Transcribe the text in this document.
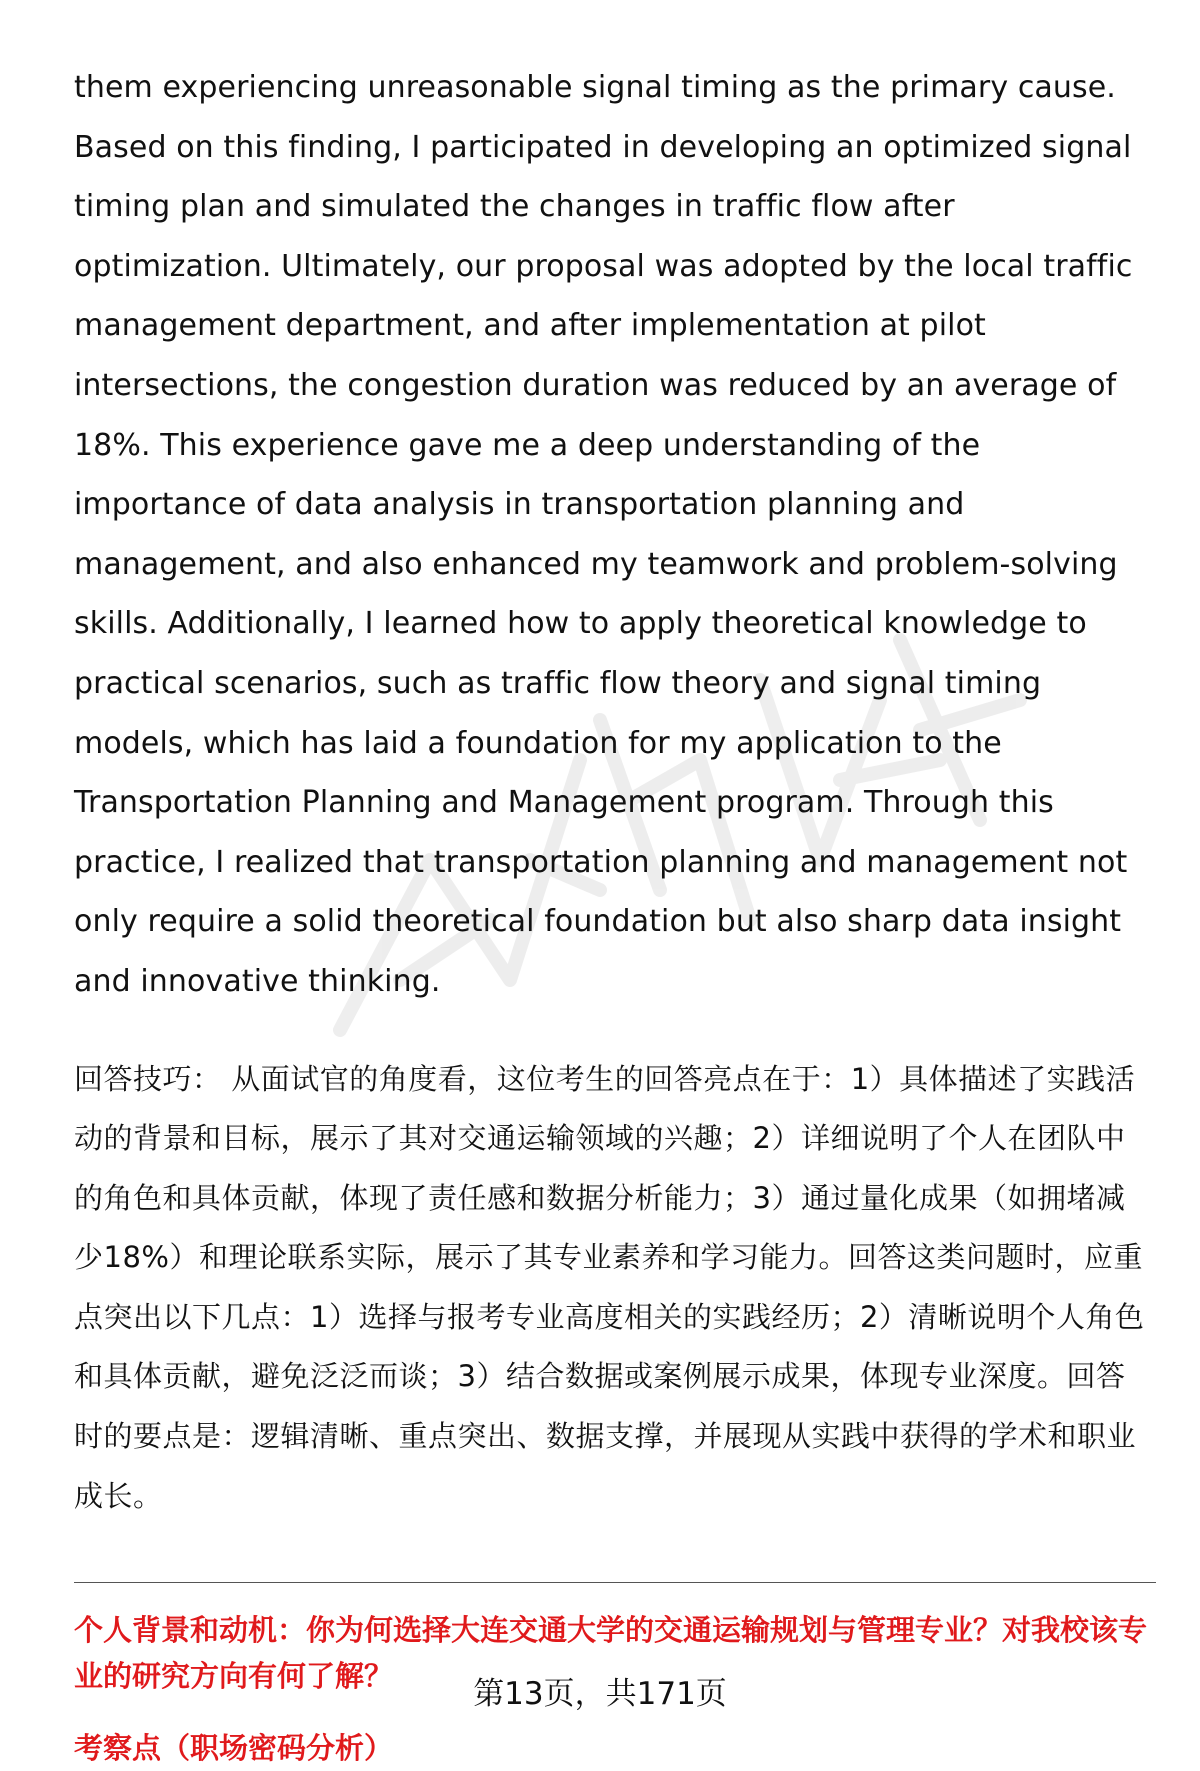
them experiencing unreasonable signal timing as the primary cause. Based on this finding, I participated in developing an optimized signal timing plan and simulated the changes in traffic flow after optimization. Ultimately, our proposal was adopted by the local traffic management department, and after implementation at pilot intersections, the congestion duration was reduced by an average of 18%. This experience gave me a deep understanding of the importance of data analysis in transportation planning and management, and also enhanced my teamwork and problem-solving skills. Additionally, I learned how to apply theoretical knowledge to practical scenarios, such as traffic flow theory and signal timing models, which has laid a foundation for my application to the Transportation Planning and Management program. Through this practice, I realized that transportation planning and management not only require a solid theoretical foundation but also sharp data insight and innovative thinking.

回答技巧： 从面试官的角度看，这位考生的回答亮点在于：1）具体描述了实践活动的背景和目标，展示了其对交通运输领域的兴趣；2）详细说明了个人在团队中的角色和具体贡献，体现了责任感和数据分析能力；3）通过量化成果（如拥堵减少18%）和理论联系实际，展示了其专业素养和学习能力。回答这类问题时，应重点突出以下几点：1）选择与报考专业高度相关的实践经历；2）清晰说明个人角色和具体贡献，避免泛泛而谈；3）结合数据或案例展示成果，体现专业深度。回答时的要点是：逻辑清晰、重点突出、数据支撑，并展现从实践中获得的学术和职业成长。

个人背景和动机：你为何选择大连交通大学的交通运输规划与管理专业？对我校该专业的研究方向有何了解？

考察点（职场密码分析）

第13页，共171页
